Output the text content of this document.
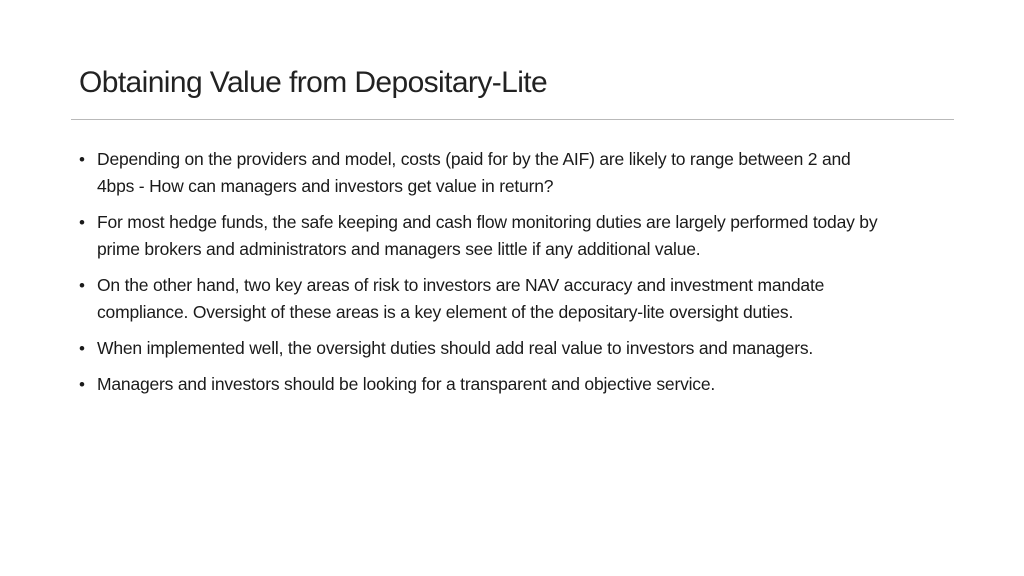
Obtaining Value from Depositary-Lite
• Depending on the providers and model, costs (paid for by the AIF) are likely to range between 2 and 4bps - How can managers and investors get value in return?
• For most hedge funds, the safe keeping and cash flow monitoring duties are largely performed today by prime brokers and administrators and managers see little if any additional value.
• On the other hand, two key areas of risk to investors are NAV accuracy and investment mandate compliance. Oversight of these areas is a key element of the depositary-lite oversight duties.
• When implemented well, the oversight duties should add real value to investors and managers.
• Managers and investors should be looking for a transparent and objective service.
